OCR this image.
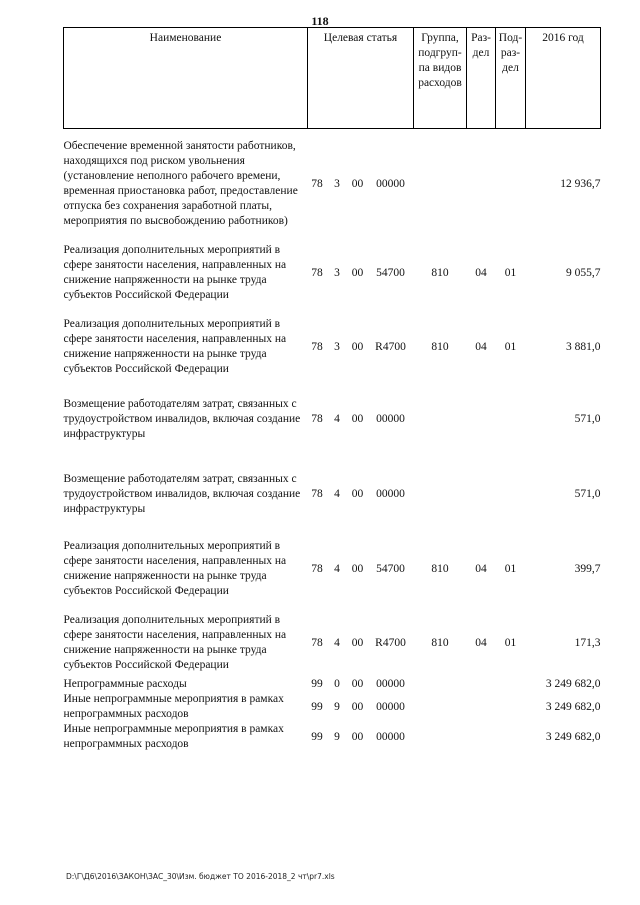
118
Наименование	Целевая статья				Группа, подгруп-па видов расходов	Раз-дел	Под-раз-дел	2016 год

Обеспечение временной занятости работников, находящихся под риском увольнения (установление неполного рабочего времени, временная приостановка работ, предоставление отпуска без сохранения заработной платы, мероприятия по высвобождению работников)	78	3	00	00000				12 936,7

Реализация дополнительных мероприятий в сфере занятости населения, направленных на снижение напряженности на рынке труда субъектов Российской Федерации	78	3	00	54700	810	04	01	9 055,7

Реализация дополнительных мероприятий в сфере занятости населения, направленных на снижение напряженности на рынке труда субъектов Российской Федерации	78	3	00	R4700	810	04	01	3 881,0

Возмещение работодателям затрат, связанных с трудоустройством инвалидов, включая создание инфраструктуры	78	4	00	00000				571,0

Возмещение работодателям затрат, связанных с трудоустройством инвалидов, включая создание инфраструктуры	78	4	00	00000				571,0

Реализация дополнительных мероприятий в сфере занятости населения, направленных на снижение напряженности на рынке труда субъектов Российской Федерации	78	4	00	54700	810	04	01	399,7

Реализация дополнительных мероприятий в сфере занятости населения, направленных на снижение напряженности на рынке труда субъектов Российской Федерации	78	4	00	R4700	810	04	01	171,3

Непрограммные расходы	99	0	00	00000				3 249 682,0

Иные непрограммные мероприятия в рамках непрограммных расходов	99	9	00	00000				3 249 682,0

Иные непрограммные мероприятия в рамках непрограммных расходов	99	9	00	00000				3 249 682,0
D:\Г\Д6\2016\ЗАКОН\ЗАС_30\Изм. бюджет ТО 2016-2018_2 чт\pr7.xls
